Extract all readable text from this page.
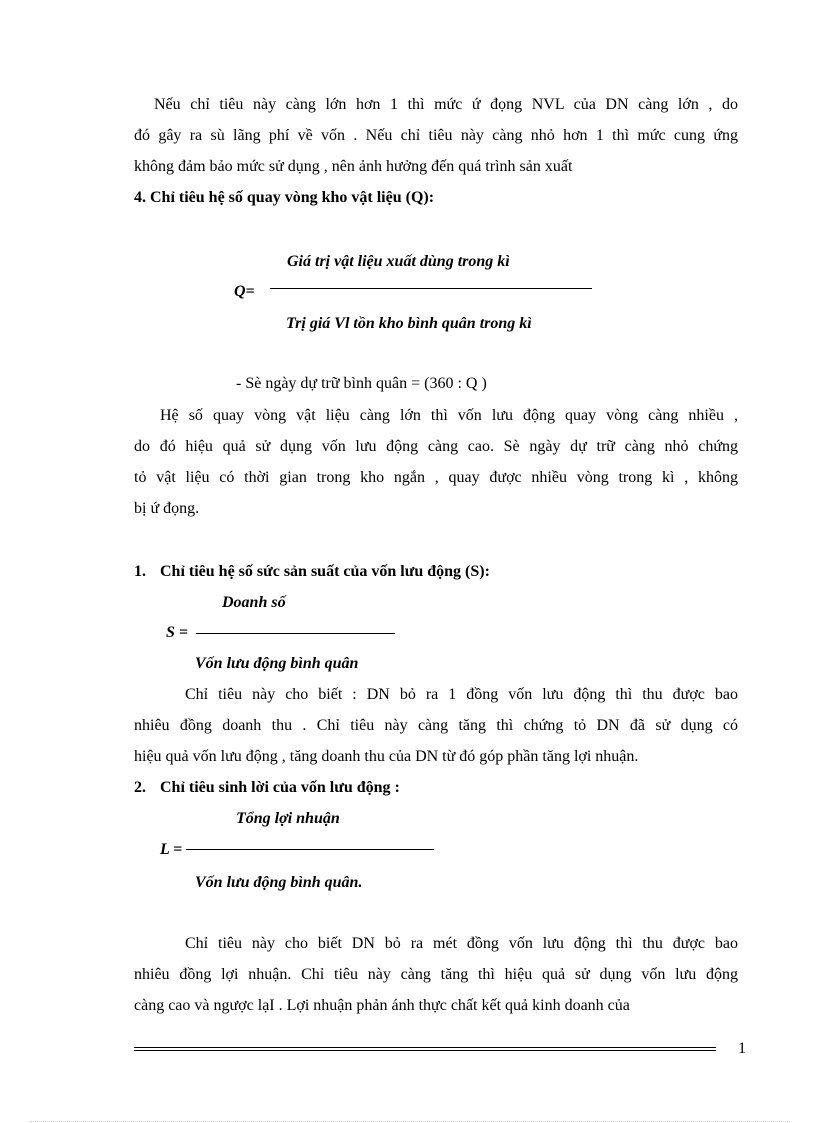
Nếu chỉ tiêu này càng lớn hơn 1 thì mức ứ đọng NVL của DN càng lớn , do
đó gây ra sù lãng phí về vốn . Nếu chỉ tiêu này càng nhỏ hơn 1 thì mức cung ứng
không đảm bảo mức sử dụng , nên ảnh hưởng đến quá trình sản xuất
4. Chỉ tiêu hệ số quay vòng kho vật liệu (Q):
Giá trị vật liệu xuất dùng trong kì
Q=
Trị giá Vl tồn kho bình quân trong kì
- Sè ngày dự trữ bình quân = (360 : Q )
Hệ số quay vòng vật liệu càng lớn thì vốn lưu động quay vòng càng nhiều ,
do đó hiệu quả sử dụng vốn lưu động càng cao. Sè ngày dự trữ càng nhỏ chứng
tỏ vật liệu có thời gian trong kho ngắn , quay được nhiều vòng trong kì , không
bị ứ đọng.
1. Chỉ tiêu hệ số sức sản suất của vốn lưu động (S):
Doanh số
S =
Vốn lưu động bình quân
Chỉ tiêu này cho biết : DN bỏ ra 1 đồng vốn lưu động thì thu được bao
nhiêu đồng doanh thu . Chỉ tiêu này càng tăng thì chứng tỏ DN đã sử dụng có
hiệu quả vốn lưu động , tăng doanh thu của DN từ đó góp phần tăng lợi nhuận.
2. Chỉ tiêu sinh lời của vốn lưu động :
Tổng lợi nhuận
L =
Vốn lưu động bình quân.
Chỉ tiêu này cho biết DN bỏ ra mét đồng vốn lưu động thì thu được bao
nhiêu đồng lợi nhuận. Chỉ tiêu này càng tăng thì hiệu quả sử dụng vốn lưu động
càng cao và ngược lạI . Lợi nhuận phản ánh thực chất kết quả kinh doanh của
1
